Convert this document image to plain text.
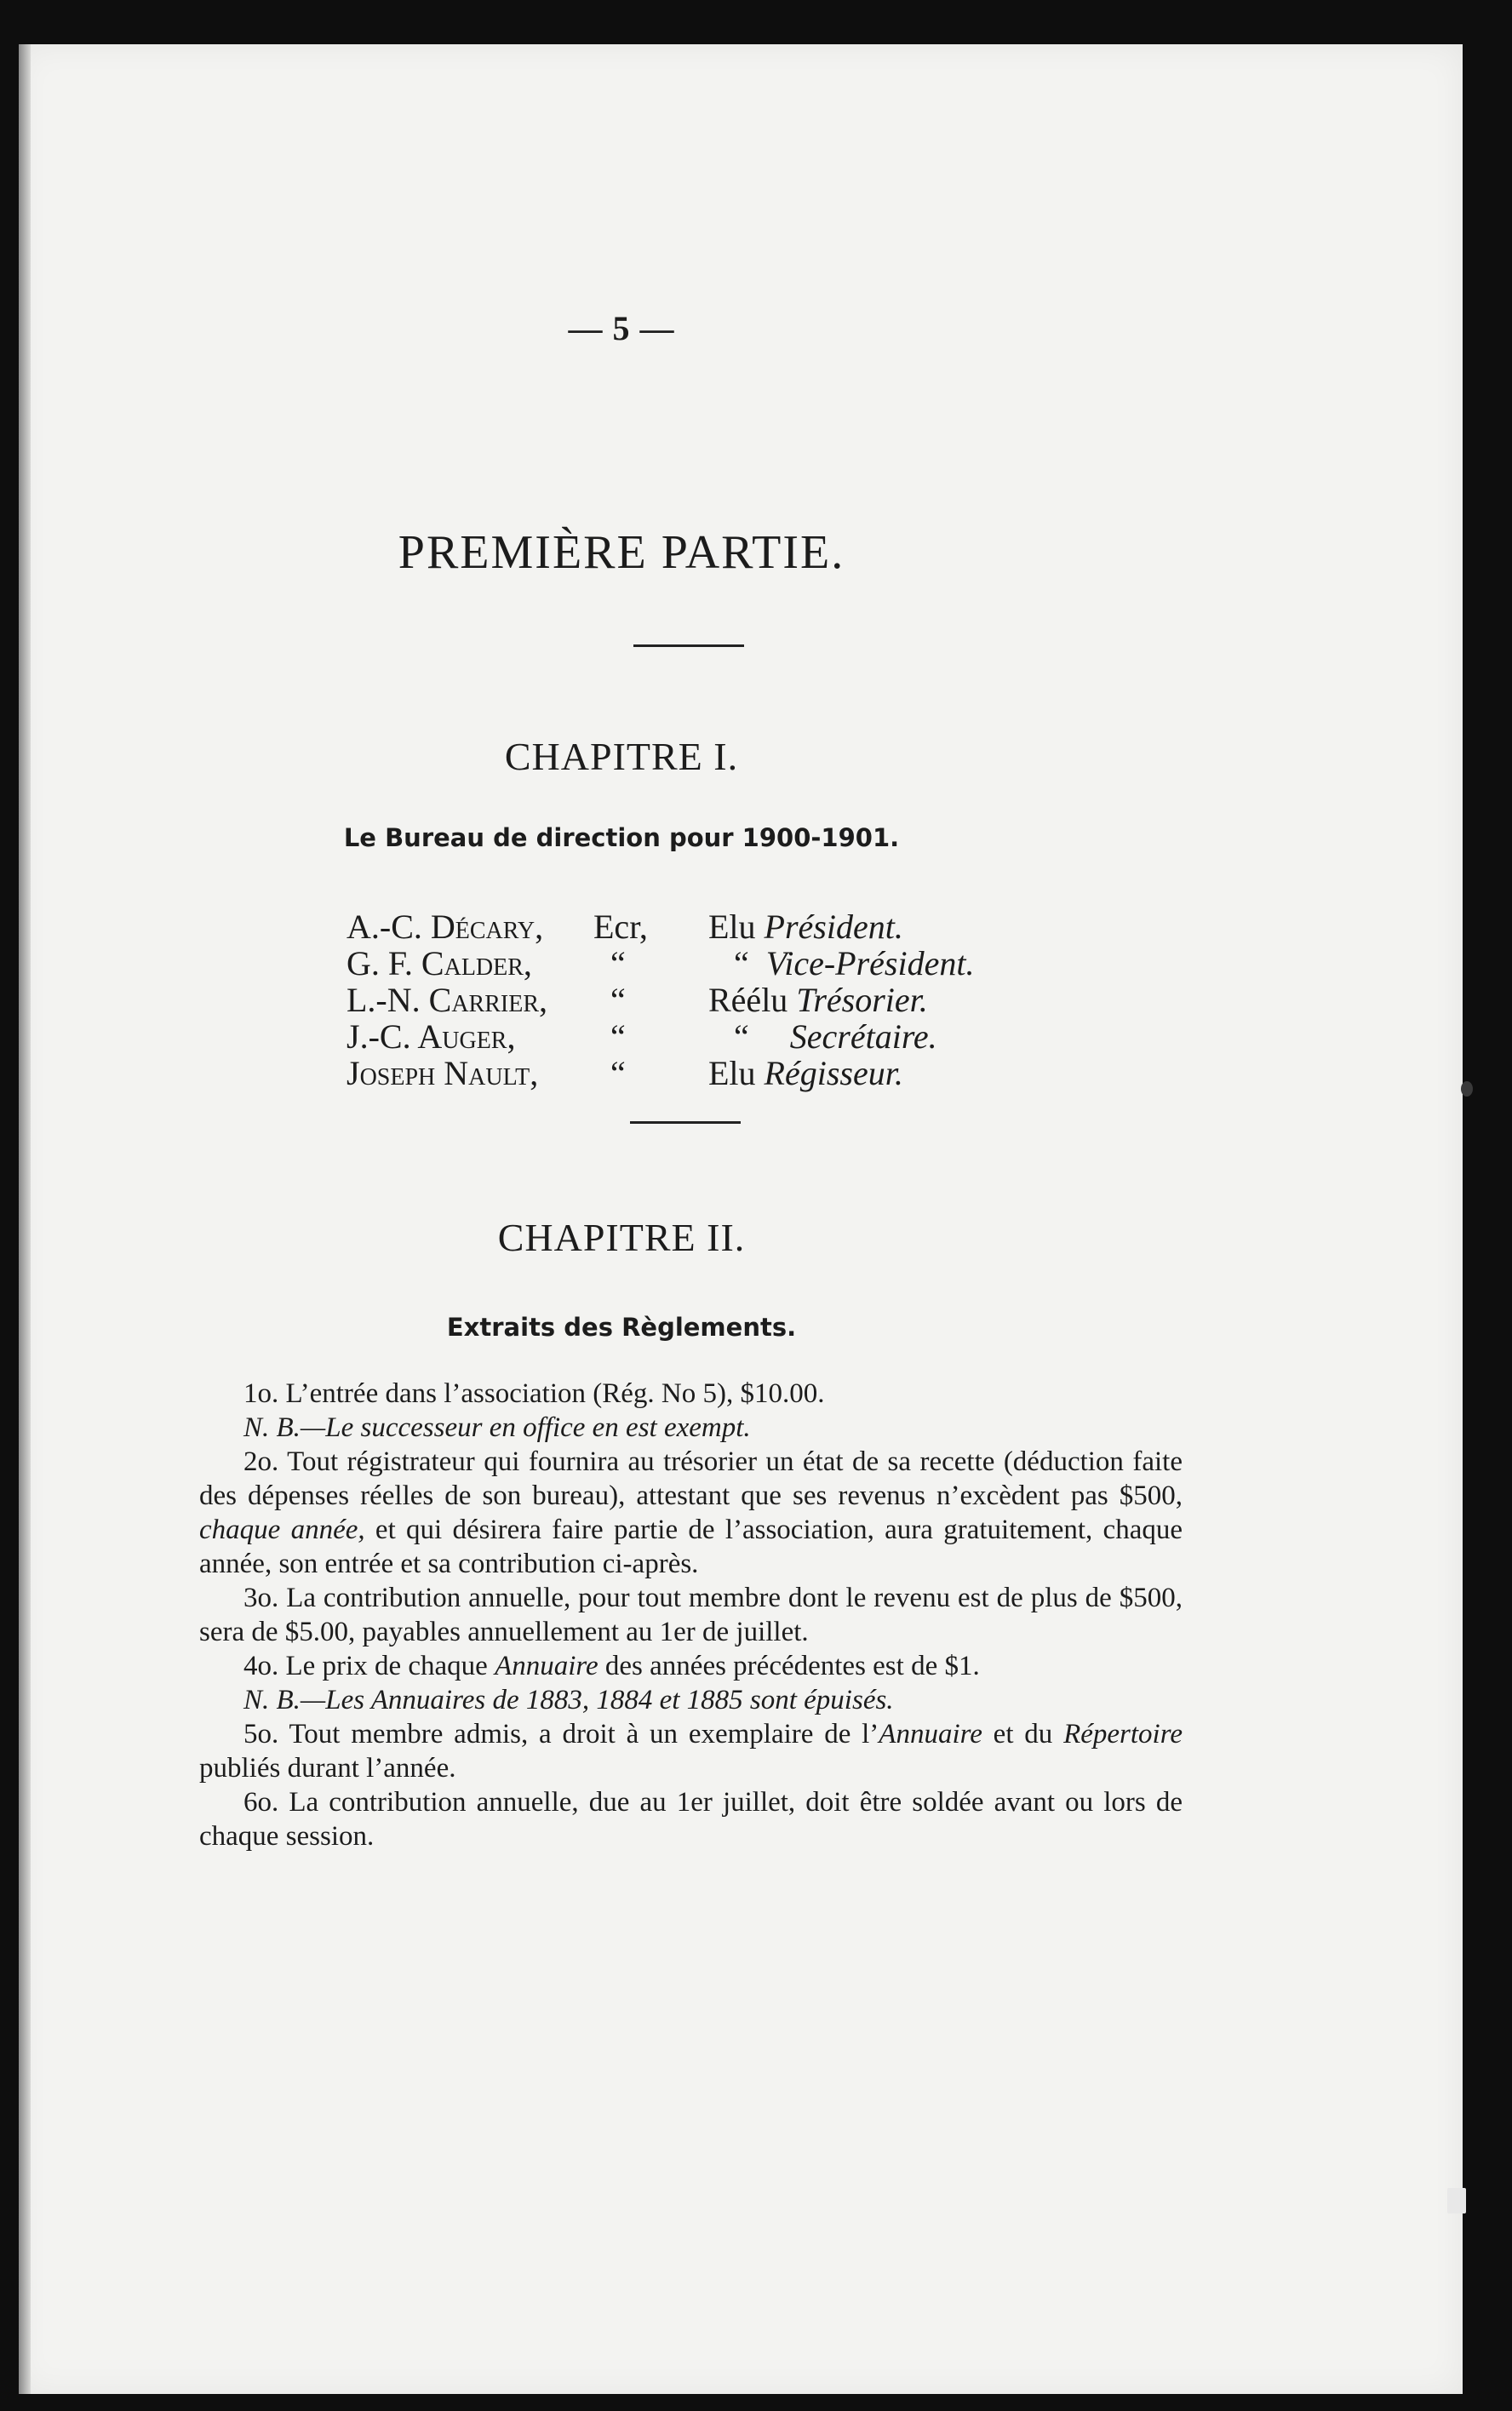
— 5 —
PREMIÈRE PARTIE.
CHAPITRE I.
Le Bureau de direction pour 1900-1901.
A.-C. Décary,	Ecr,	Elu Président.
G. F. Calder,	“	“ Vice-Président.
L.-N. Carrier,	“	Réélu Trésorier.
J.-C. Auger,	“	“ Secrétaire.
Joseph Nault,	“	Elu Régisseur.
CHAPITRE II.
Extraits des Règlements.

1o. L’entrée dans l’association (Rég. No 5), $10.00.

N. B.—Le successeur en office en est exempt.

2o. Tout régistrateur qui fournira au trésorier un état de sa recette (déduction faite des dépenses réelles de son bureau), attestant que ses revenus n’excèdent pas $500, chaque année, et qui désirera faire partie de l’association, aura gratuitement, chaque année, son entrée et sa contribution ci-après.

3o. La contribution annuelle, pour tout membre dont le revenu est de plus de $500, sera de $5.00, payables annuellement au 1er de juillet.

4o. Le prix de chaque Annuaire des années précédentes est de $1.

N. B.—Les Annuaires de 1883, 1884 et 1885 sont épuisés.

5o. Tout membre admis, a droit à un exemplaire de l’Annuaire et du Répertoire publiés durant l’année.

6o. La contribution annuelle, due au 1er juillet, doit être soldée avant ou lors de chaque session.
